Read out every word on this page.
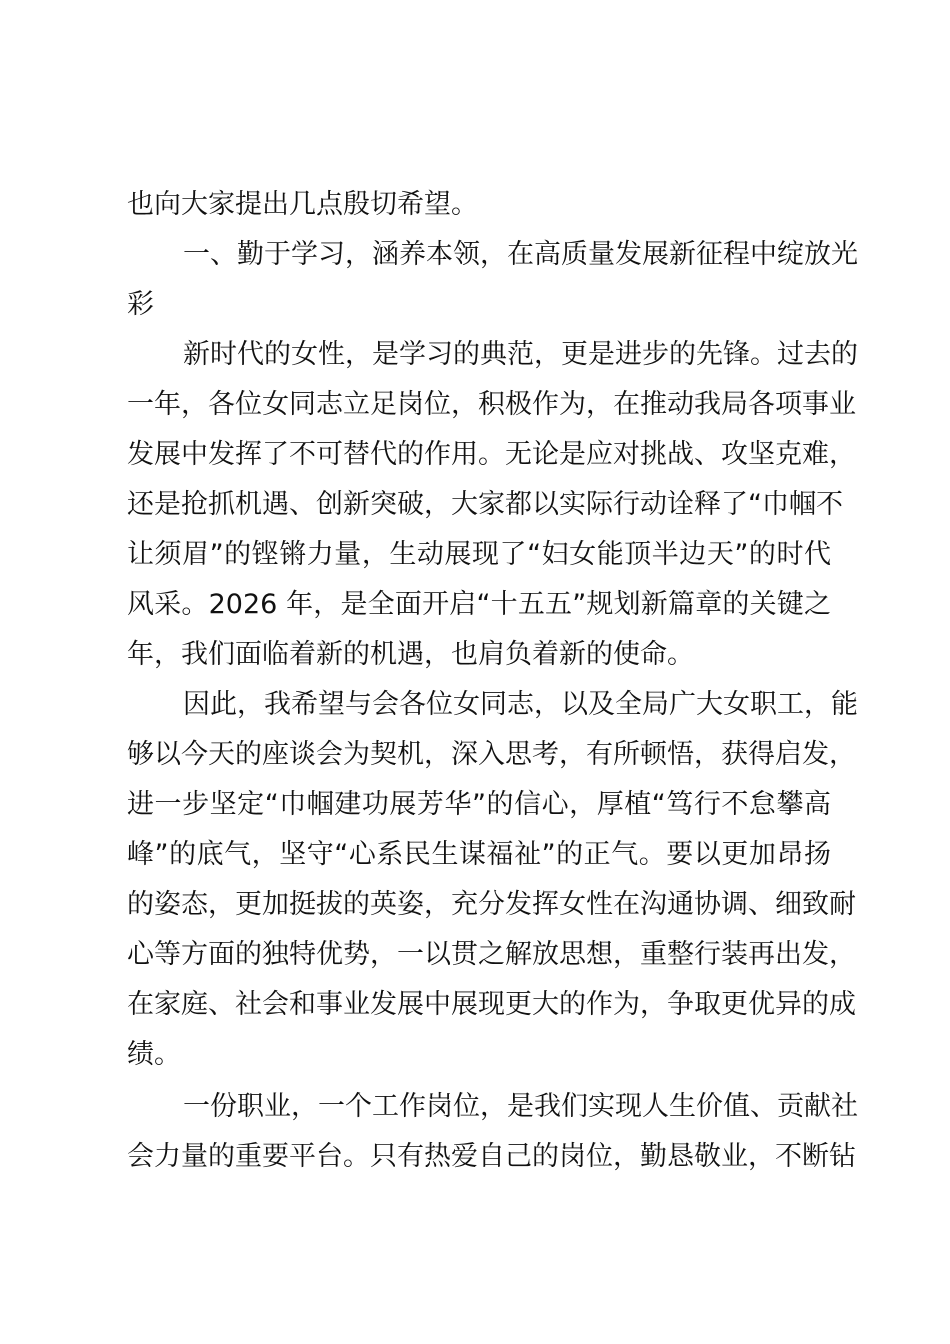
也向大家提出几点殷切希望。
一、勤于学习，涵养本领，在高质量发展新征程中绽放光
彩
新时代的女性，是学习的典范，更是进步的先锋。过去的
一年，各位女同志立足岗位，积极作为，在推动我局各项事业
发展中发挥了不可替代的作用。无论是应对挑战、攻坚克难，
还是抢抓机遇、创新突破，大家都以实际行动诠释了“巾帼不
让须眉”的铿锵力量，生动展现了“妇女能顶半边天”的时代
风采。2026 年，是全面开启“十五五”规划新篇章的关键之
年，我们面临着新的机遇，也肩负着新的使命。
因此，我希望与会各位女同志，以及全局广大女职工，能
够以今天的座谈会为契机，深入思考，有所顿悟，获得启发，
进一步坚定“巾帼建功展芳华”的信心，厚植“笃行不怠攀高
峰”的底气，坚守“心系民生谋福祉”的正气。要以更加昂扬
的姿态，更加挺拔的英姿，充分发挥女性在沟通协调、细致耐
心等方面的独特优势，一以贯之解放思想，重整行装再出发，
在家庭、社会和事业发展中展现更大的作为，争取更优异的成
绩。
一份职业，一个工作岗位，是我们实现人生价值、贡献社
会力量的重要平台。只有热爱自己的岗位，勤恳敬业，不断钻
